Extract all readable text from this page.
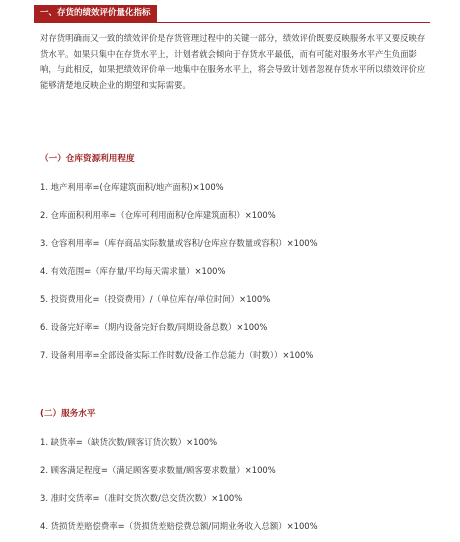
一、存货的绩效评价量化指标

对存货明确而又一致的绩效评价是存货管理过程中的关键一部分，绩效评价既要反映服务水平又要反映存货水平。如果只集中在存货水平上，计划者就会倾向于存货水平最低，而有可能对服务水平产生负面影响，与此相反，如果把绩效评价单一地集中在服务水平上，将会导致计划者忽视存货水平所以绩效评价应能够清楚地反映企业的期望和实际需要。

（一）仓库资源利用程度
1. 地产利用率=(仓库建筑面积/地产面积)×100%
2. 仓库面积利用率=（仓库可利用面积/仓库建筑面积）×100%
3. 仓容利用率=（库存商品实际数量或容积/仓库应存数量或容积）×100%
4. 有效范围=（库存量/平均每天需求量）×100%
5. 投资费用化=（投资费用）/（单位库存/单位时间）×100%
6. 设备完好率=（期内设备完好台数/同期设备总数）×100%
7. 设备利用率=全部设备实际工作时数/设备工作总能力（时数））×100%
(二）服务水平
1. 缺货率=（缺货次数/顾客订货次数）×100%
2. 顾客满足程度=（满足顾客要求数量/顾客要求数量）×100%
3. 准时交货率=（准时交货次数/总交货次数）×100%
4. 货损货差赔偿费率=（货损货差赔偿费总额/同期业务收入总额）×100%
